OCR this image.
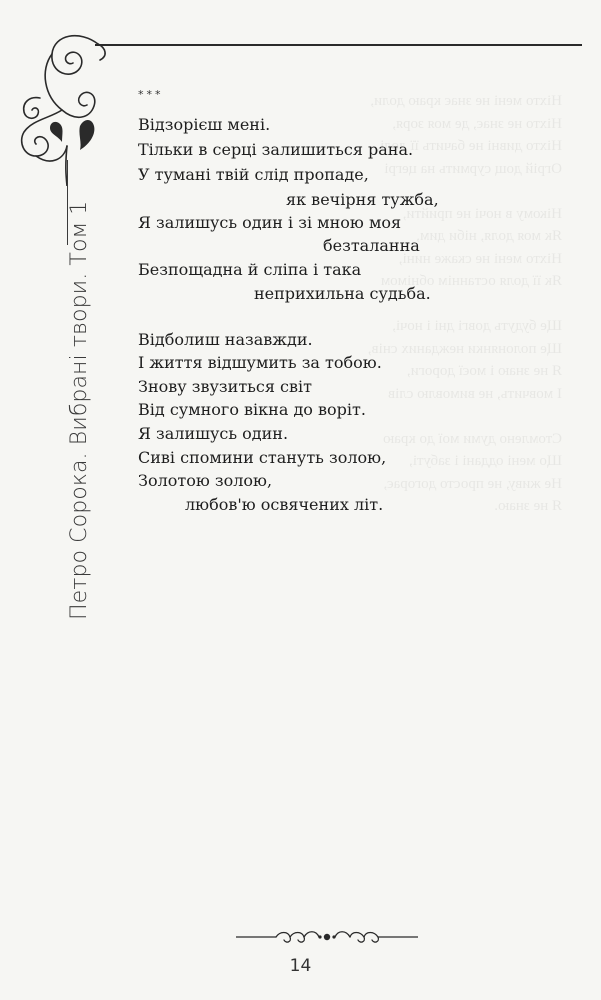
Ніхто мені не знає краю доли,
Ніхто не знає, де моя зоря,
Ніхто дивні не бачить її долі,
Огрій дощ сурмить на цегрі

Нікому в ночі не прийти,
Як моя доля, ніби дим,
Ніхто мені не скаже нині,
Як її доля останнім обнімом

Ще будуть довгі дні і ночі,
Ще полонянки нежданих снів,
Я не знаю і моєї дороги,
І мовчить, не вимовлю слів

Стомлено думи мої до краю
Що мені оддані і забуті,
Не живу, не просто догорає,
Я не знаю.
Петро Сорока. Вибрані твори. Том 1
***
Відзорієш мені.
Тільки в серці залишиться рана.
У тумані твій слід пропаде,
як вечірня тужба,
Я залишусь один і зі мною моя
безталанна
Безпощадна й сліпа і така
неприхильна судьба.
Відболиш назавжди.
І життя відшумить за тобою.
Знову звузиться світ
Від сумного вікна до воріт.
Я залишусь один.
Сиві спомини стануть золою,
Золотою золою,
любов'ю освячених літ.
14
